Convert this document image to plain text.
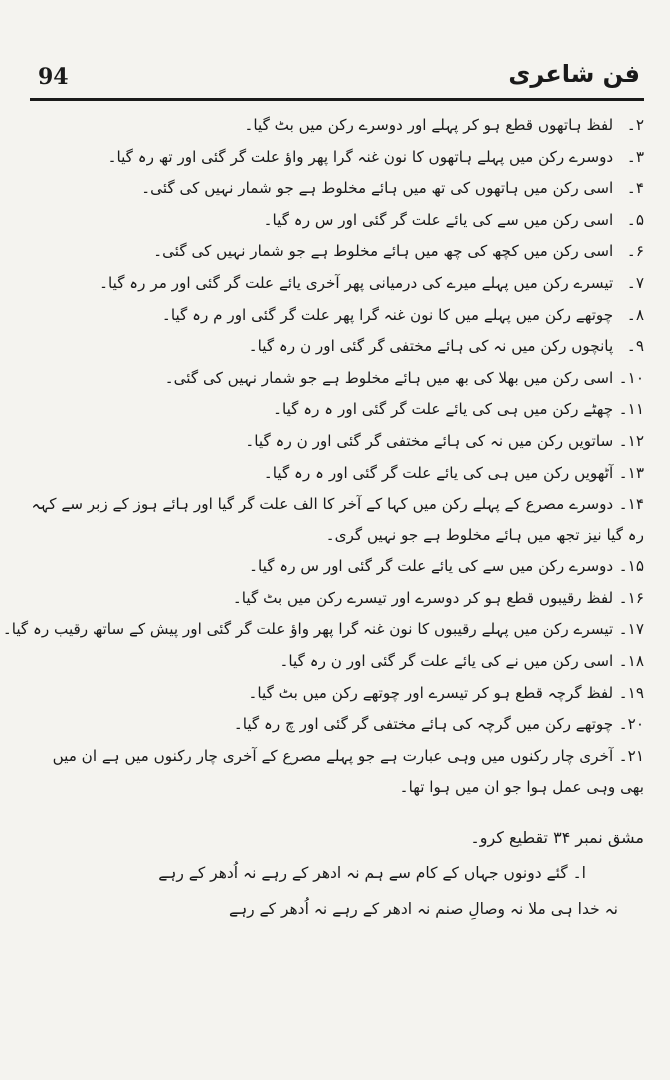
94	فن شاعری
۲۔ لفظ ہاتھوں قطع ہو کر پہلے اور دوسرے رکن میں بٹ گیا۔
۳۔ دوسرے رکن میں پہلے ہاتھوں کا نون غنہ گرا پھر واؤ علت گر گئی اور تھ رہ گیا۔
۴۔ اسی رکن میں ہاتھوں کی تھ میں ہائے مخلوط ہے جو شمار نہیں کی گئی۔
۵۔ اسی رکن میں سے کی یائے علت گر گئی اور س رہ گیا۔
۶۔ اسی رکن میں کچھ کی چھ میں ہائے مخلوط ہے جو شمار نہیں کی گئی۔
۷۔ تیسرے رکن میں پہلے میرے کی درمیانی پھر آخری یائے علت گر گئی اور مر رہ گیا۔
۸۔ چوتھے رکن میں پہلے میں کا نون غنہ گرا پھر علت گر گئی اور م رہ گیا۔
۹۔ پانچوں رکن میں نہ کی ہائے مختفی گر گئی اور ن رہ گیا۔
۱۰۔ اسی رکن میں بھلا کی بھ میں ہائے مخلوط ہے جو شمار نہیں کی گئی۔
۱۱۔ چھٹے رکن میں ہی کی یائے علت گر گئی اور ہ رہ گیا۔
۱۲۔ ساتویں رکن میں نہ کی ہائے مختفی گر گئی اور ن رہ گیا۔
۱۳۔ آٹھویں رکن میں ہی کی یائے علت گر گئی اور ہ رہ گیا۔
۱۴۔ دوسرے مصرع کے پہلے رکن میں کہا کے آخر کا الف علت گر گیا اور ہائے ہوز کے زبر سے کہہ رہ گیا نیز تجھ میں ہائے مخلوط ہے جو نہیں گری۔
۱۵۔ دوسرے رکن میں سے کی یائے علت گر گئی اور س رہ گیا۔
۱۶۔ لفظ رقیبوں قطع ہو کر دوسرے اور تیسرے رکن میں بٹ گیا۔
۱۷۔ تیسرے رکن میں پہلے رقیبوں کا نون غنہ گرا پھر واؤ علت گر گئی اور پیش کے ساتھ رقیب رہ گیا۔
۱۸۔ اسی رکن میں نے کی یائے علت گر گئی اور ن رہ گیا۔
۱۹۔ لفظ گرچہ قطع ہو کر تیسرے اور چوتھے رکن میں بٹ گیا۔
۲۰۔ چوتھے رکن میں گرچہ کی ہائے مختفی گر گئی اور چ رہ گیا۔
۲۱۔ آخری چار رکنوں میں وہی عبارت ہے جو پہلے مصرع کے آخری چار رکنوں میں ہے ان میں بھی وہی عمل ہوا جو ان میں ہوا تھا۔
مشق نمبر ۳۴ تقطیع کرو۔
ا۔ گئے دونوں جہاں کے کام سے ہم نہ ادھر کے رہے نہ اُدھر کے رہے
نہ خدا ہی ملا نہ وصالِ صنم نہ ادھر کے رہے نہ اُدھر کے رہے
